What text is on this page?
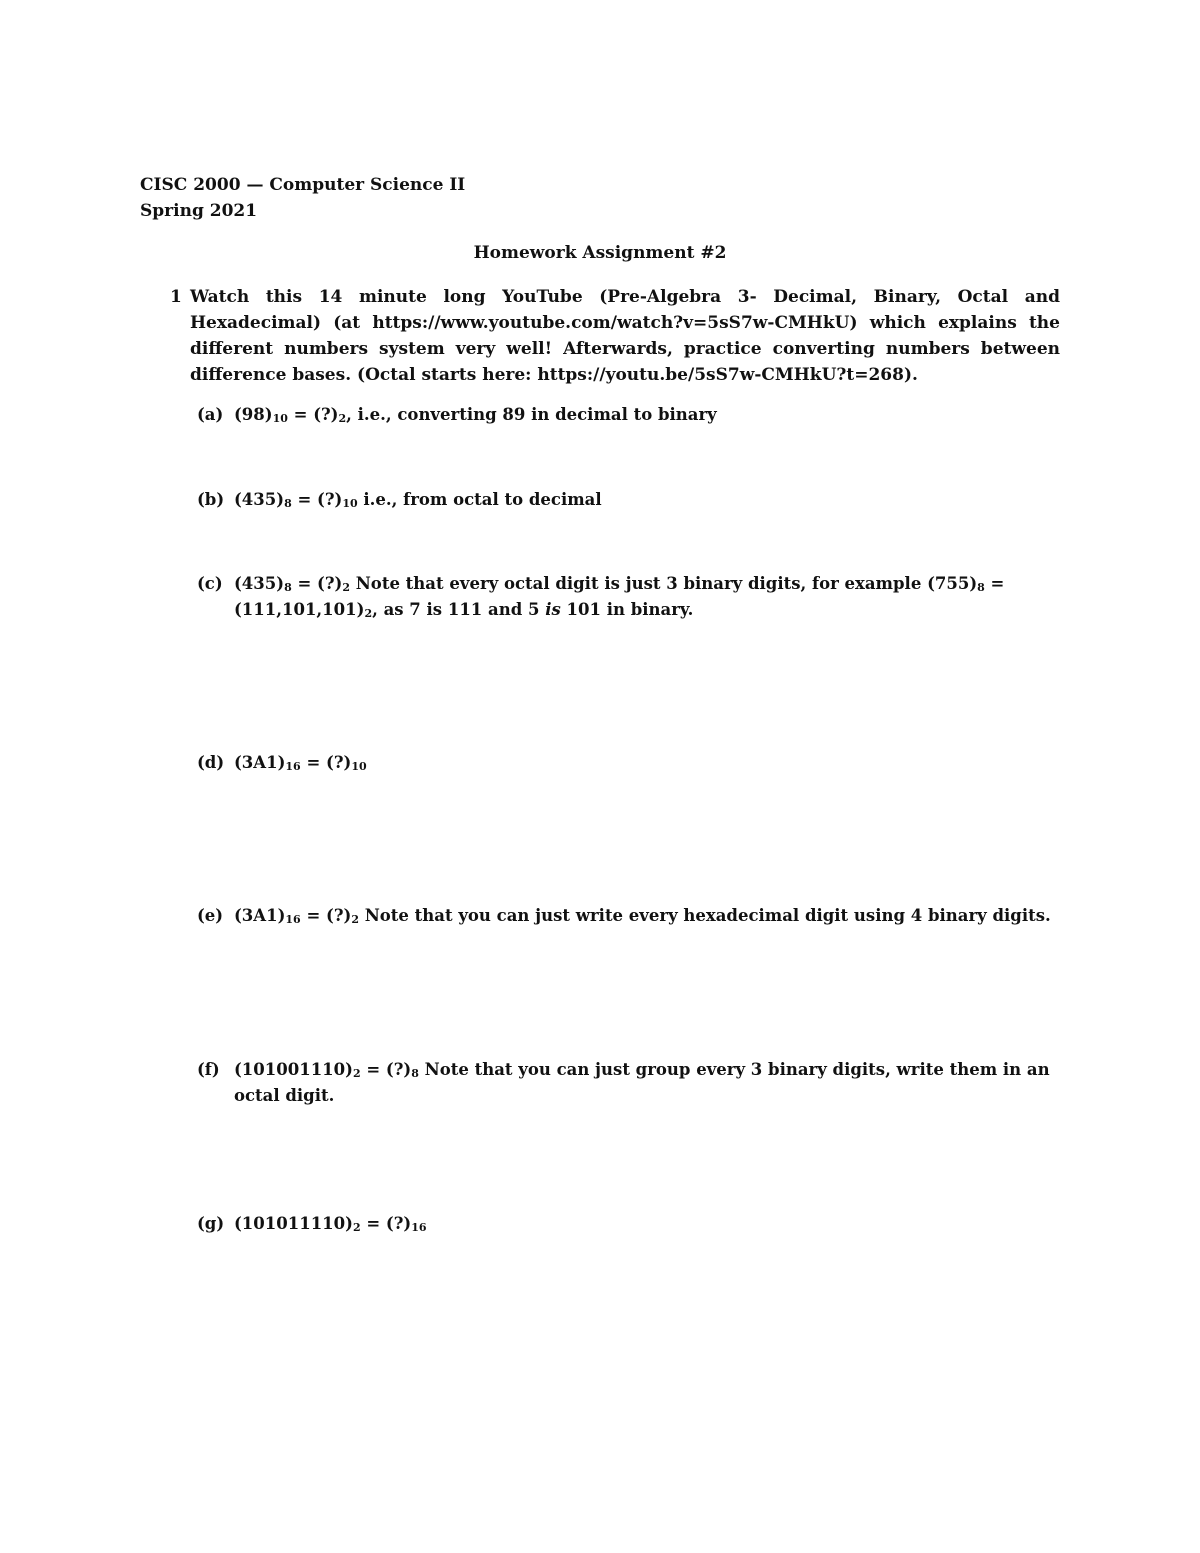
CISC 2000 — Computer Science II
Spring 2021
Homework Assignment #2
1 Watch this 14 minute long YouTube (Pre-Algebra 3- Decimal, Binary, Octal and Hexadecimal) (at https://www.youtube.com/watch?v=5sS7w-CMHkU) which explains the different numbers system very well! Afterwards, practice converting numbers between difference bases. (Octal starts here: https://youtu.be/5sS7w-CMHkU?t=268).
(a) $(98)_{10}$ = $(?)_2$, i.e., converting 89 in decimal to binary
(b) $(435)_8$ = $(?)_{10}$ i.e., from octal to decimal
(c) $(435)_8$ = $(?)_2$ Note that every octal digit is just 3 binary digits, for example $(755)_8 = (111,101,101)_2$, as 7 is 111 and 5 is 101 in binary.
(d) $(3A1)_{16}$ = $(?)_{10}$
(e) $(3A1)_{16}$ = $(?)_2$ Note that you can just write every hexadecimal digit using 4 binary digits.
(f) $(101001110)_2$ = $(?)_8$ Note that you can just group every 3 binary digits, write them in an octal digit.
(g) $(101011110)_2$ = $(?)_{16}$
